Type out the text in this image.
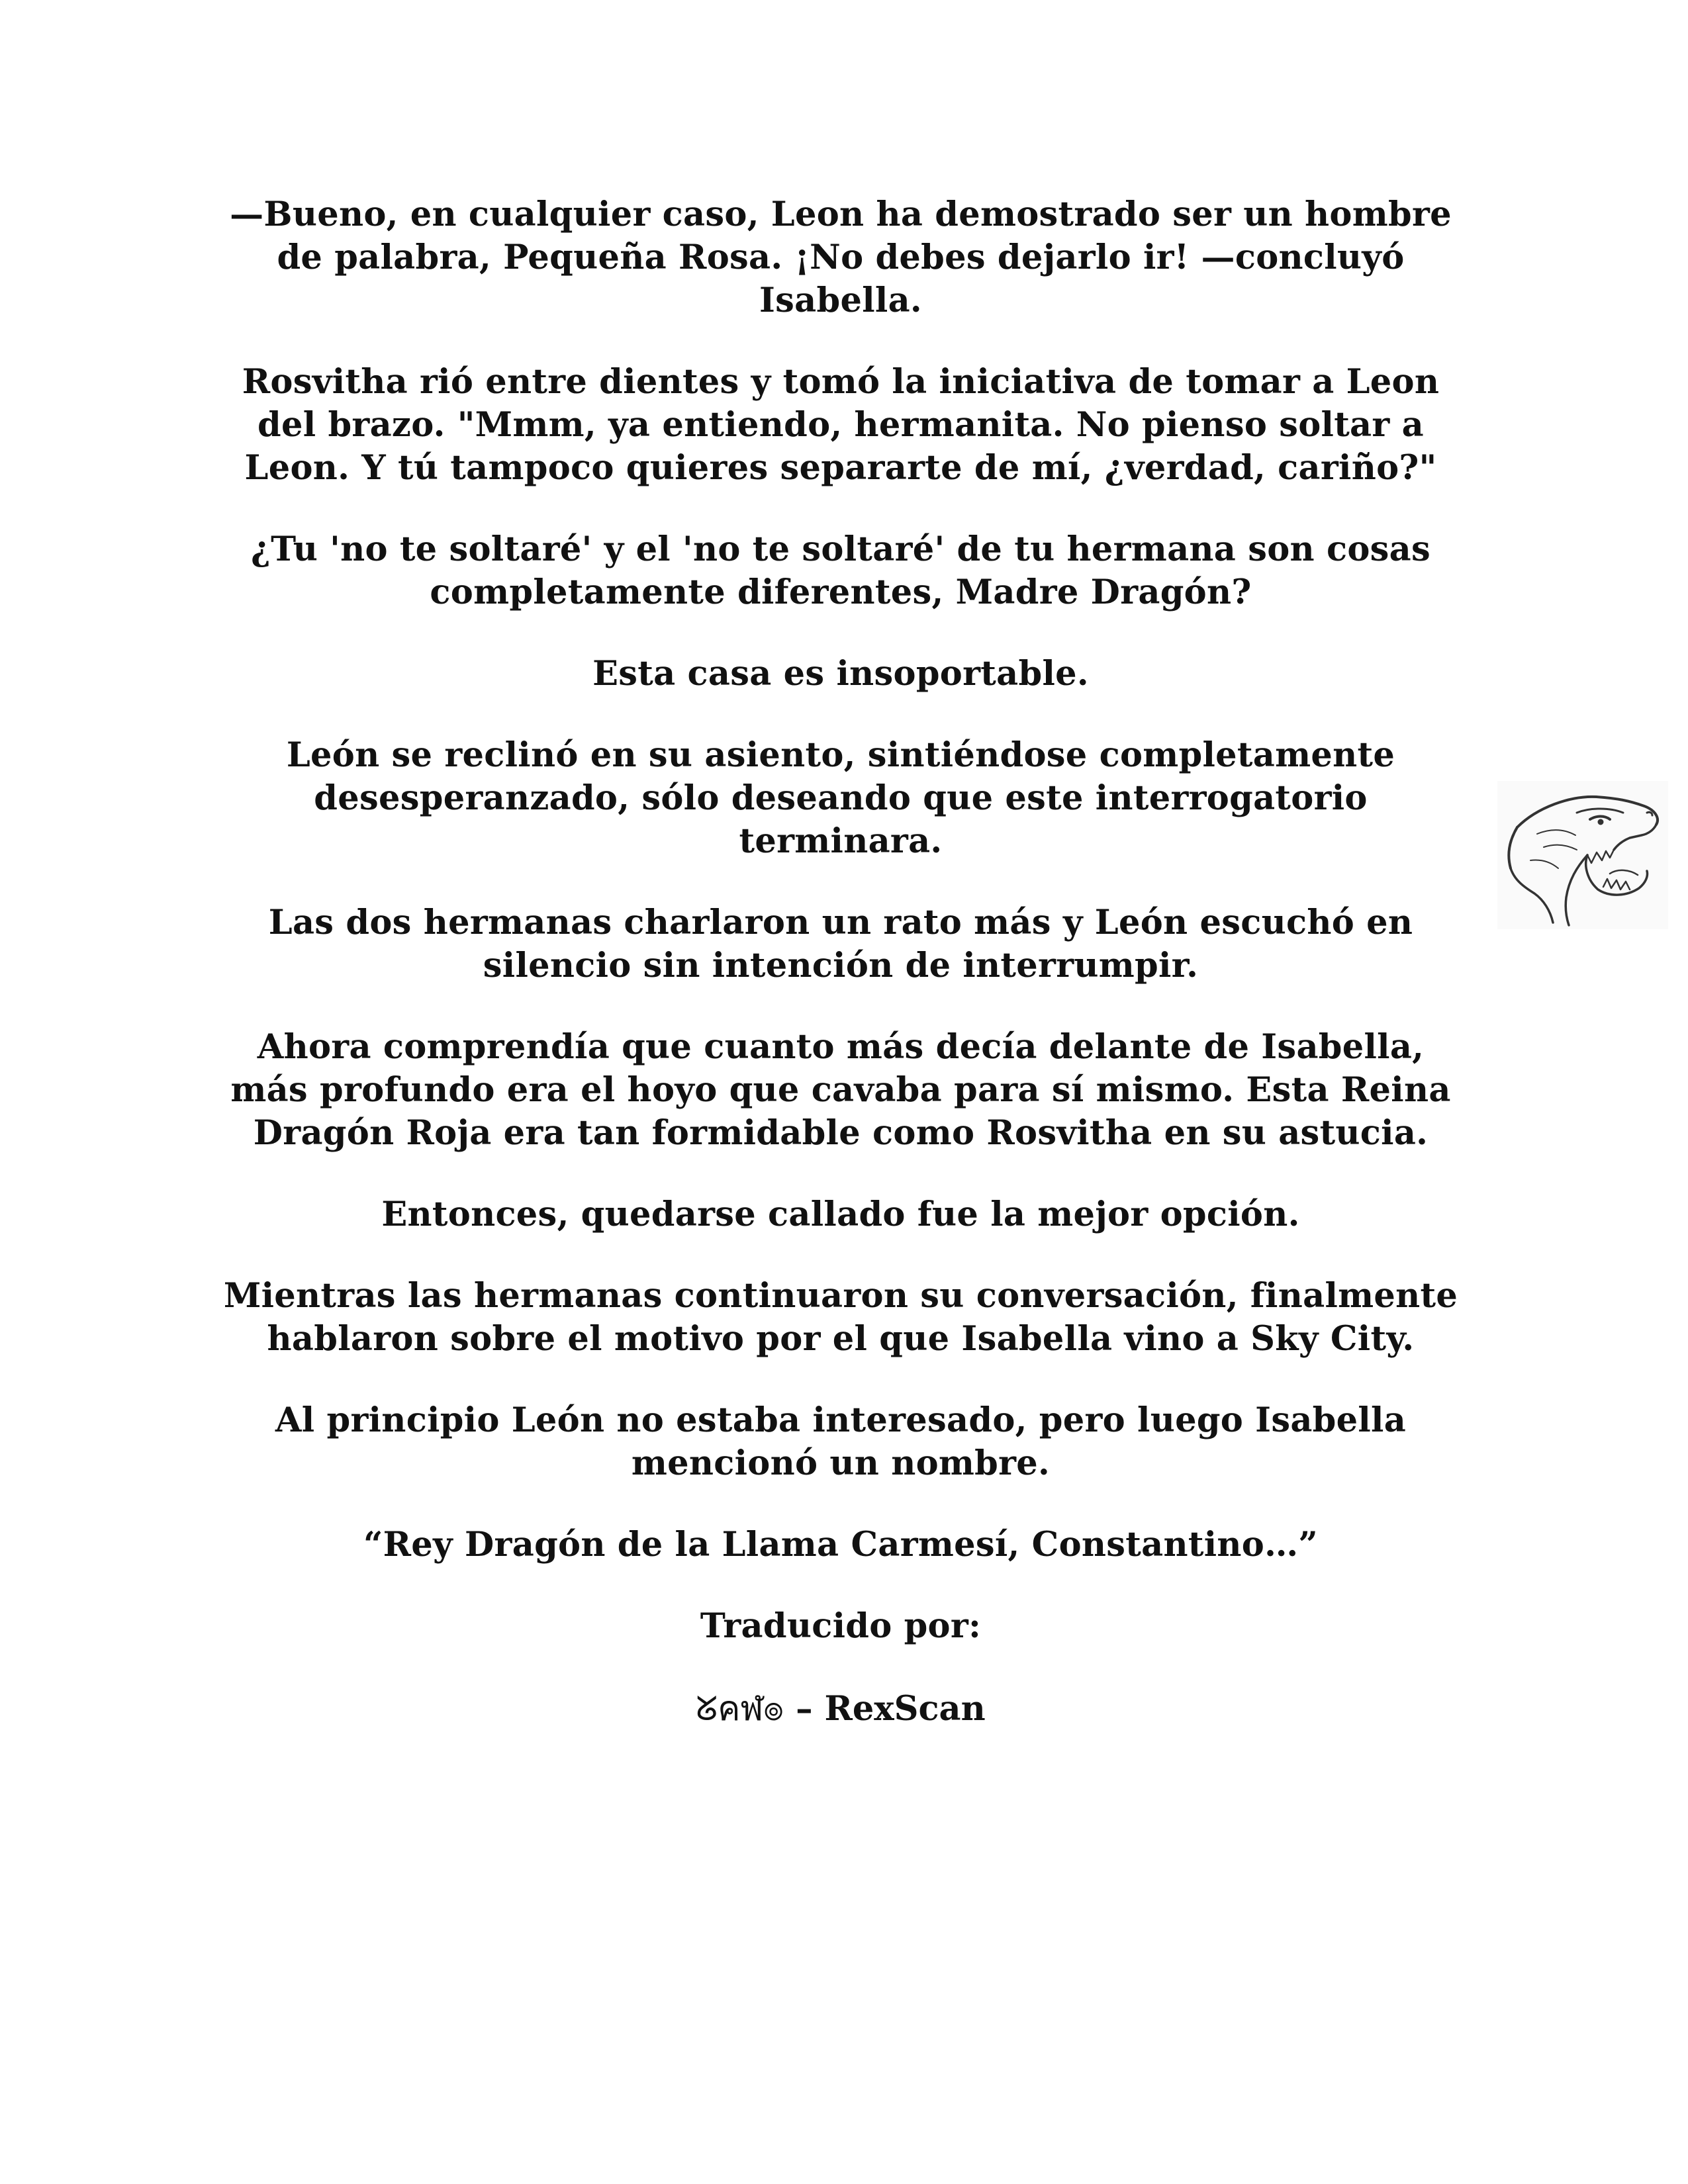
—Bueno, en cualquier caso, Leon ha demostrado ser un hombre de palabra, Pequeña Rosa. ¡No debes dejarlo ir! —concluyó Isabella.

Rosvitha rió entre dientes y tomó la iniciativa de tomar a Leon del brazo. "Mmm, ya entiendo, hermanita. No pienso soltar a Leon. Y tú tampoco quieres separarte de mí, ¿verdad, cariño?"

¿Tu 'no te soltaré' y el 'no te soltaré' de tu hermana son cosas completamente diferentes, Madre Dragón?

Esta casa es insoportable.

León se reclinó en su asiento, sintiéndose completamente desesperanzado, sólo deseando que este interrogatorio terminara.

Las dos hermanas charlaron un rato más y León escuchó en silencio sin intención de interrumpir.

Ahora comprendía que cuanto más decía delante de Isabella, más profundo era el hoyo que cavaba para sí mismo. Esta Reina Dragón Roja era tan formidable como Rosvitha en su astucia.

Entonces, quedarse callado fue la mejor opción.

Mientras las hermanas continuaron su conversación, finalmente hablaron sobre el motivo por el que Isabella vino a Sky City.

Al principio León no estaba interesado, pero luego Isabella mencionó un nombre.

“Rey Dragón de la Llama Carmesí, Constantino…”

Traducido por:

ᘜคฬ๏ – RexScan
